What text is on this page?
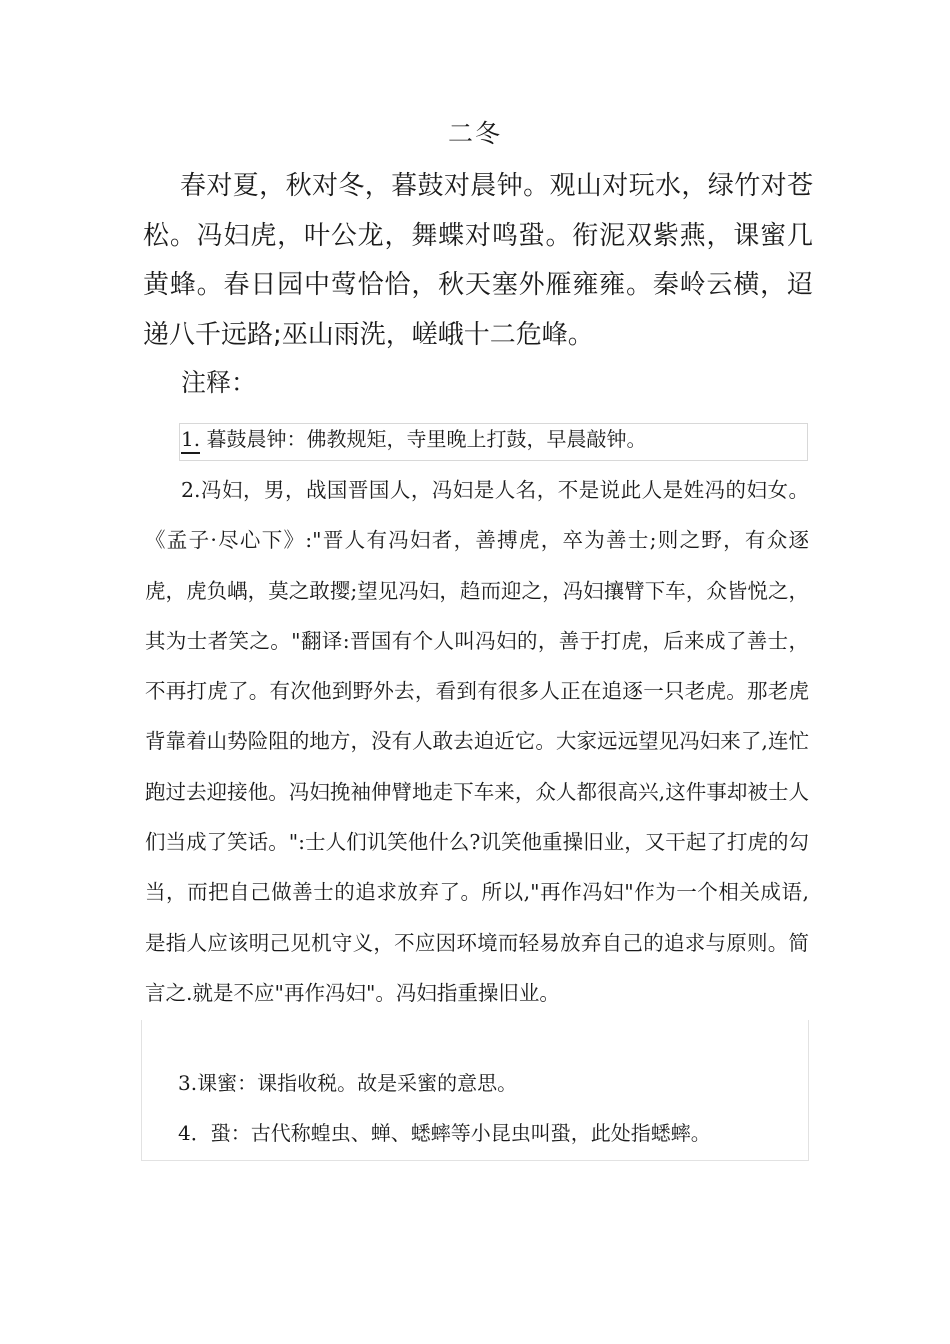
二冬

春对夏，秋对冬，暮鼓对晨钟。观山对玩水，绿竹对苍松。冯妇虎，叶公龙，舞蝶对鸣蛩。衔泥双紫燕，课蜜几黄蜂。春日园中莺恰恰，秋天塞外雁雍雍。秦岭云横，迢递八千远路;巫山雨洗，嵯峨十二危峰。

注释：

1. 暮鼓晨钟：佛教规矩，寺里晚上打鼓，早晨敲钟。

2.冯妇，男，战国晋国人，冯妇是人名，不是说此人是姓冯的妇女。《孟子·尽心下》:"晋人有冯妇者，善搏虎，卒为善士;则之野，有众逐虎，虎负嵎，莫之敢撄;望见冯妇，趋而迎之，冯妇攘臂下车，众皆悦之，其为士者笑之。"翻译:晋国有个人叫冯妇的，善于打虎，后来成了善士，不再打虎了。有次他到野外去，看到有很多人正在追逐一只老虎。那老虎背靠着山势险阻的地方，没有人敢去迫近它。大家远远望见冯妇来了,连忙跑过去迎接他。冯妇挽袖伸臂地走下车来，众人都很高兴,这件事却被士人们当成了笑话。":士人们讥笑他什么?讥笑他重操旧业，又干起了打虎的勾当，而把自己做善士的追求放弃了。所以,"再作冯妇"作为一个相关成语,是指人应该明己见机守义，不应因环境而轻易放弃自己的追求与原则。简言之.就是不应"再作冯妇"。冯妇指重操旧业。

3.课蜜：课指收税。故是采蜜的意思。

4．蛩：古代称蝗虫、蝉、蟋蟀等小昆虫叫蛩，此处指蟋蟀。
